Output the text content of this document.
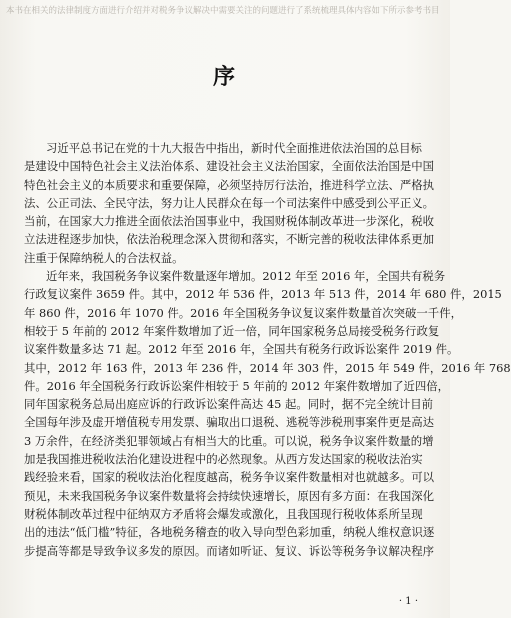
本书在相关的法律制度方面进行介绍并对税务争议解决中需要关注的问题进行了系统梳理具体内容如下所示参考书目
序
习近平总书记在党的十九大报告中指出，新时代全面推进依法治国的总目标
是建设中国特色社会主义法治体系、建设社会主义法治国家，全面依法治国是中国
特色社会主义的本质要求和重要保障，必须坚持厉行法治，推进科学立法、严格执
法、公正司法、全民守法，努力让人民群众在每一个司法案件中感受到公平正义。
当前，在国家大力推进全面依法治国事业中，我国财税体制改革进一步深化，税收
立法进程逐步加快，依法治税理念深入贯彻和落实，不断完善的税收法律体系更加
注重于保障纳税人的合法权益。
近年来，我国税务争议案件数量逐年增加。2012 年至 2016 年，全国共有税务
行政复议案件 3659 件。其中，2012 年 536 件，2013 年 513 件，2014 年 680 件，2015
年 860 件，2016 年 1070 件。2016 年全国税务争议复议案件数量首次突破一千件，
相较于 5 年前的 2012 年案件数增加了近一倍，同年国家税务总局接受税务行政复
议案件数量多达 71 起。2012 年至 2016 年，全国共有税务行政诉讼案件 2019 件。
其中，2012 年 163 件，2013 年 236 件，2014 年 303 件，2015 年 549 件，2016 年 768
件。2016 年全国税务行政诉讼案件相较于 5 年前的 2012 年案件数增加了近四倍，
同年国家税务总局出庭应诉的行政诉讼案件高达 45 起。同时，据不完全统计目前
全国每年涉及虚开增值税专用发票、骗取出口退税、逃税等涉税刑事案件更是高达
3 万余件，在经济类犯罪领域占有相当大的比重。可以说，税务争议案件数量的增
加是我国推进税收法治化建设进程中的必然现象。从西方发达国家的税收法治实
践经验来看，国家的税收法治化程度越高，税务争议案件数量相对也就越多。可以
预见，未来我国税务争议案件数量将会持续快速增长，原因有多方面：在我国深化
财税体制改革过程中征纳双方矛盾将会爆发或激化，且我国现行税收体系所呈现
出的违法“低门槛”特征，各地税务稽查的收入导向型色彩加重，纳税人维权意识逐
步提高等都是导致争议多发的原因。而诸如听证、复议、诉讼等税务争议解决程序
· 1 ·
